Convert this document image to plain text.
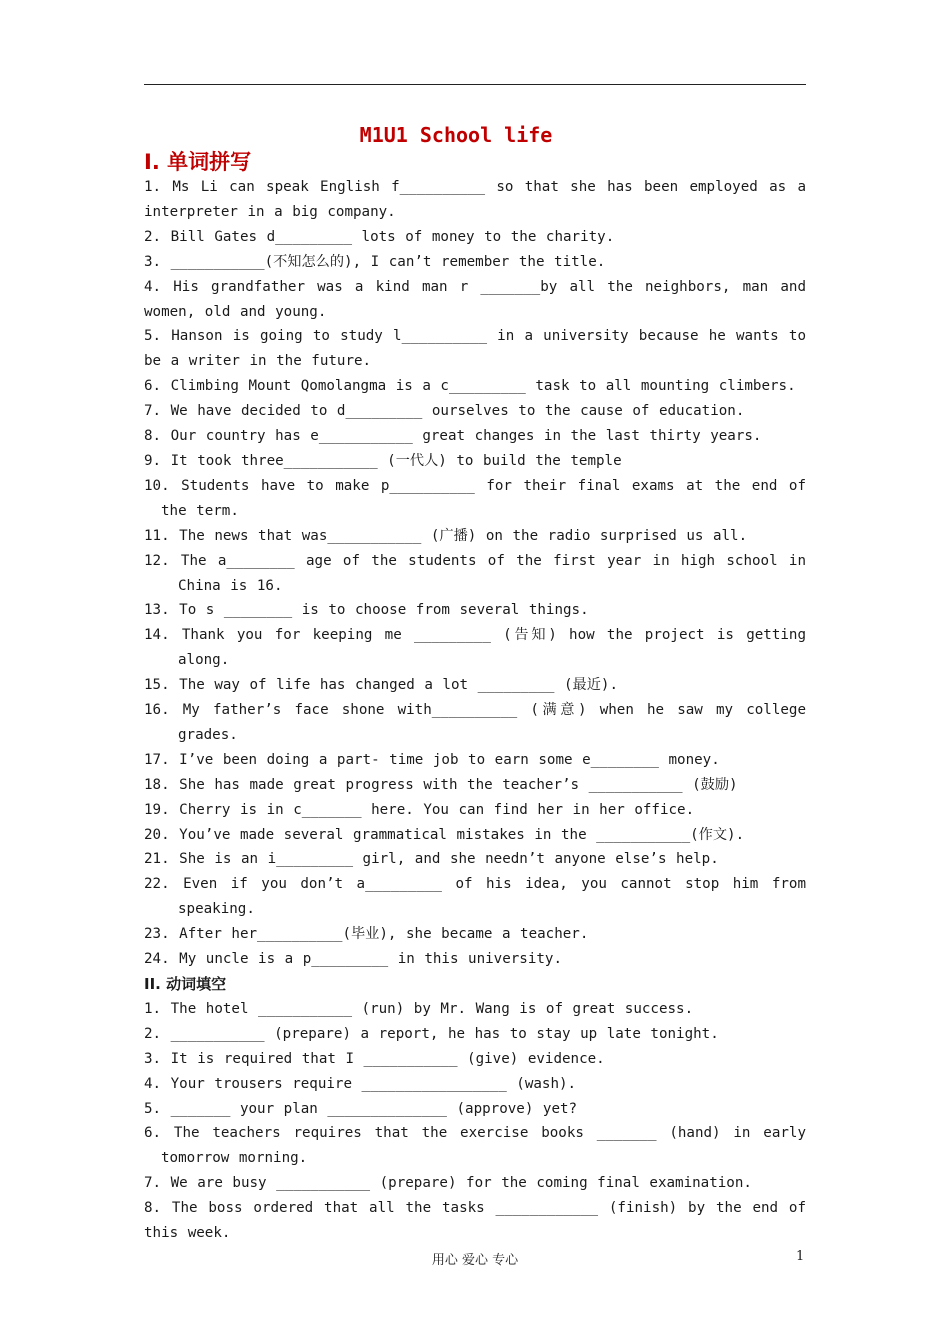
M1U1 School life
I. 单词拼写
1. Ms Li can speak English f__________ so that she has been employed as a interpreter in a big company.
2. Bill Gates d_________ lots of money to the charity.
3. ___________(不知怎么的), I can’t remember the title.
4. His grandfather was a kind man r _______by all the neighbors, man and women, old and young.
5. Hanson is going to study l__________ in a university because he wants to be a writer in the future.
6. Climbing Mount Qomolangma is a c_________ task to all mounting climbers.
7. We have decided to d_________ ourselves to the cause of education.
8. Our country has e___________ great changes in the last thirty years.
9. It took three___________ (一代人) to build the temple
10. Students have to make p__________ for their final exams at the end of the term.
11. The news that was___________ (广播) on the radio surprised us all.
12. The a________ age of the students of the first year in high school in China is 16.
13. To s ________ is to choose from several things.
14. Thank you for keeping me _________ (告知) how the project is getting along.
15. The way of life has changed a lot _________ (最近).
16. My father’s face shone with__________ (满意) when he saw my college grades.
17. I’ve been doing a part- time job to earn some e________ money.
18. She has made great progress with the teacher’s ___________ (鼓励)
19. Cherry is in c_______ here. You can find her in her office.
20. You’ve made several grammatical mistakes in the ___________(作文).
21. She is an i_________ girl, and she needn’t anyone else’s help.
22. Even if you don’t a_________ of his idea, you cannot stop him from speaking.
23. After her__________(毕业), she became a teacher.
24. My uncle is a p_________ in this university.
II. 动词填空
1. The hotel ___________ (run) by Mr. Wang is of great success.
2. ___________ (prepare) a report, he has to stay up late tonight.
3. It is required that I ___________ (give) evidence.
4. Your trousers require _________________ (wash).
5. _______ your plan ______________ (approve) yet?
6. The teachers requires that the exercise books _______ (hand) in early tomorrow morning.
7. We are busy ___________ (prepare) for the coming final examination.
8. The boss ordered that all the tasks ____________ (finish) by the end of this week.
用心 爱心 专心	1
